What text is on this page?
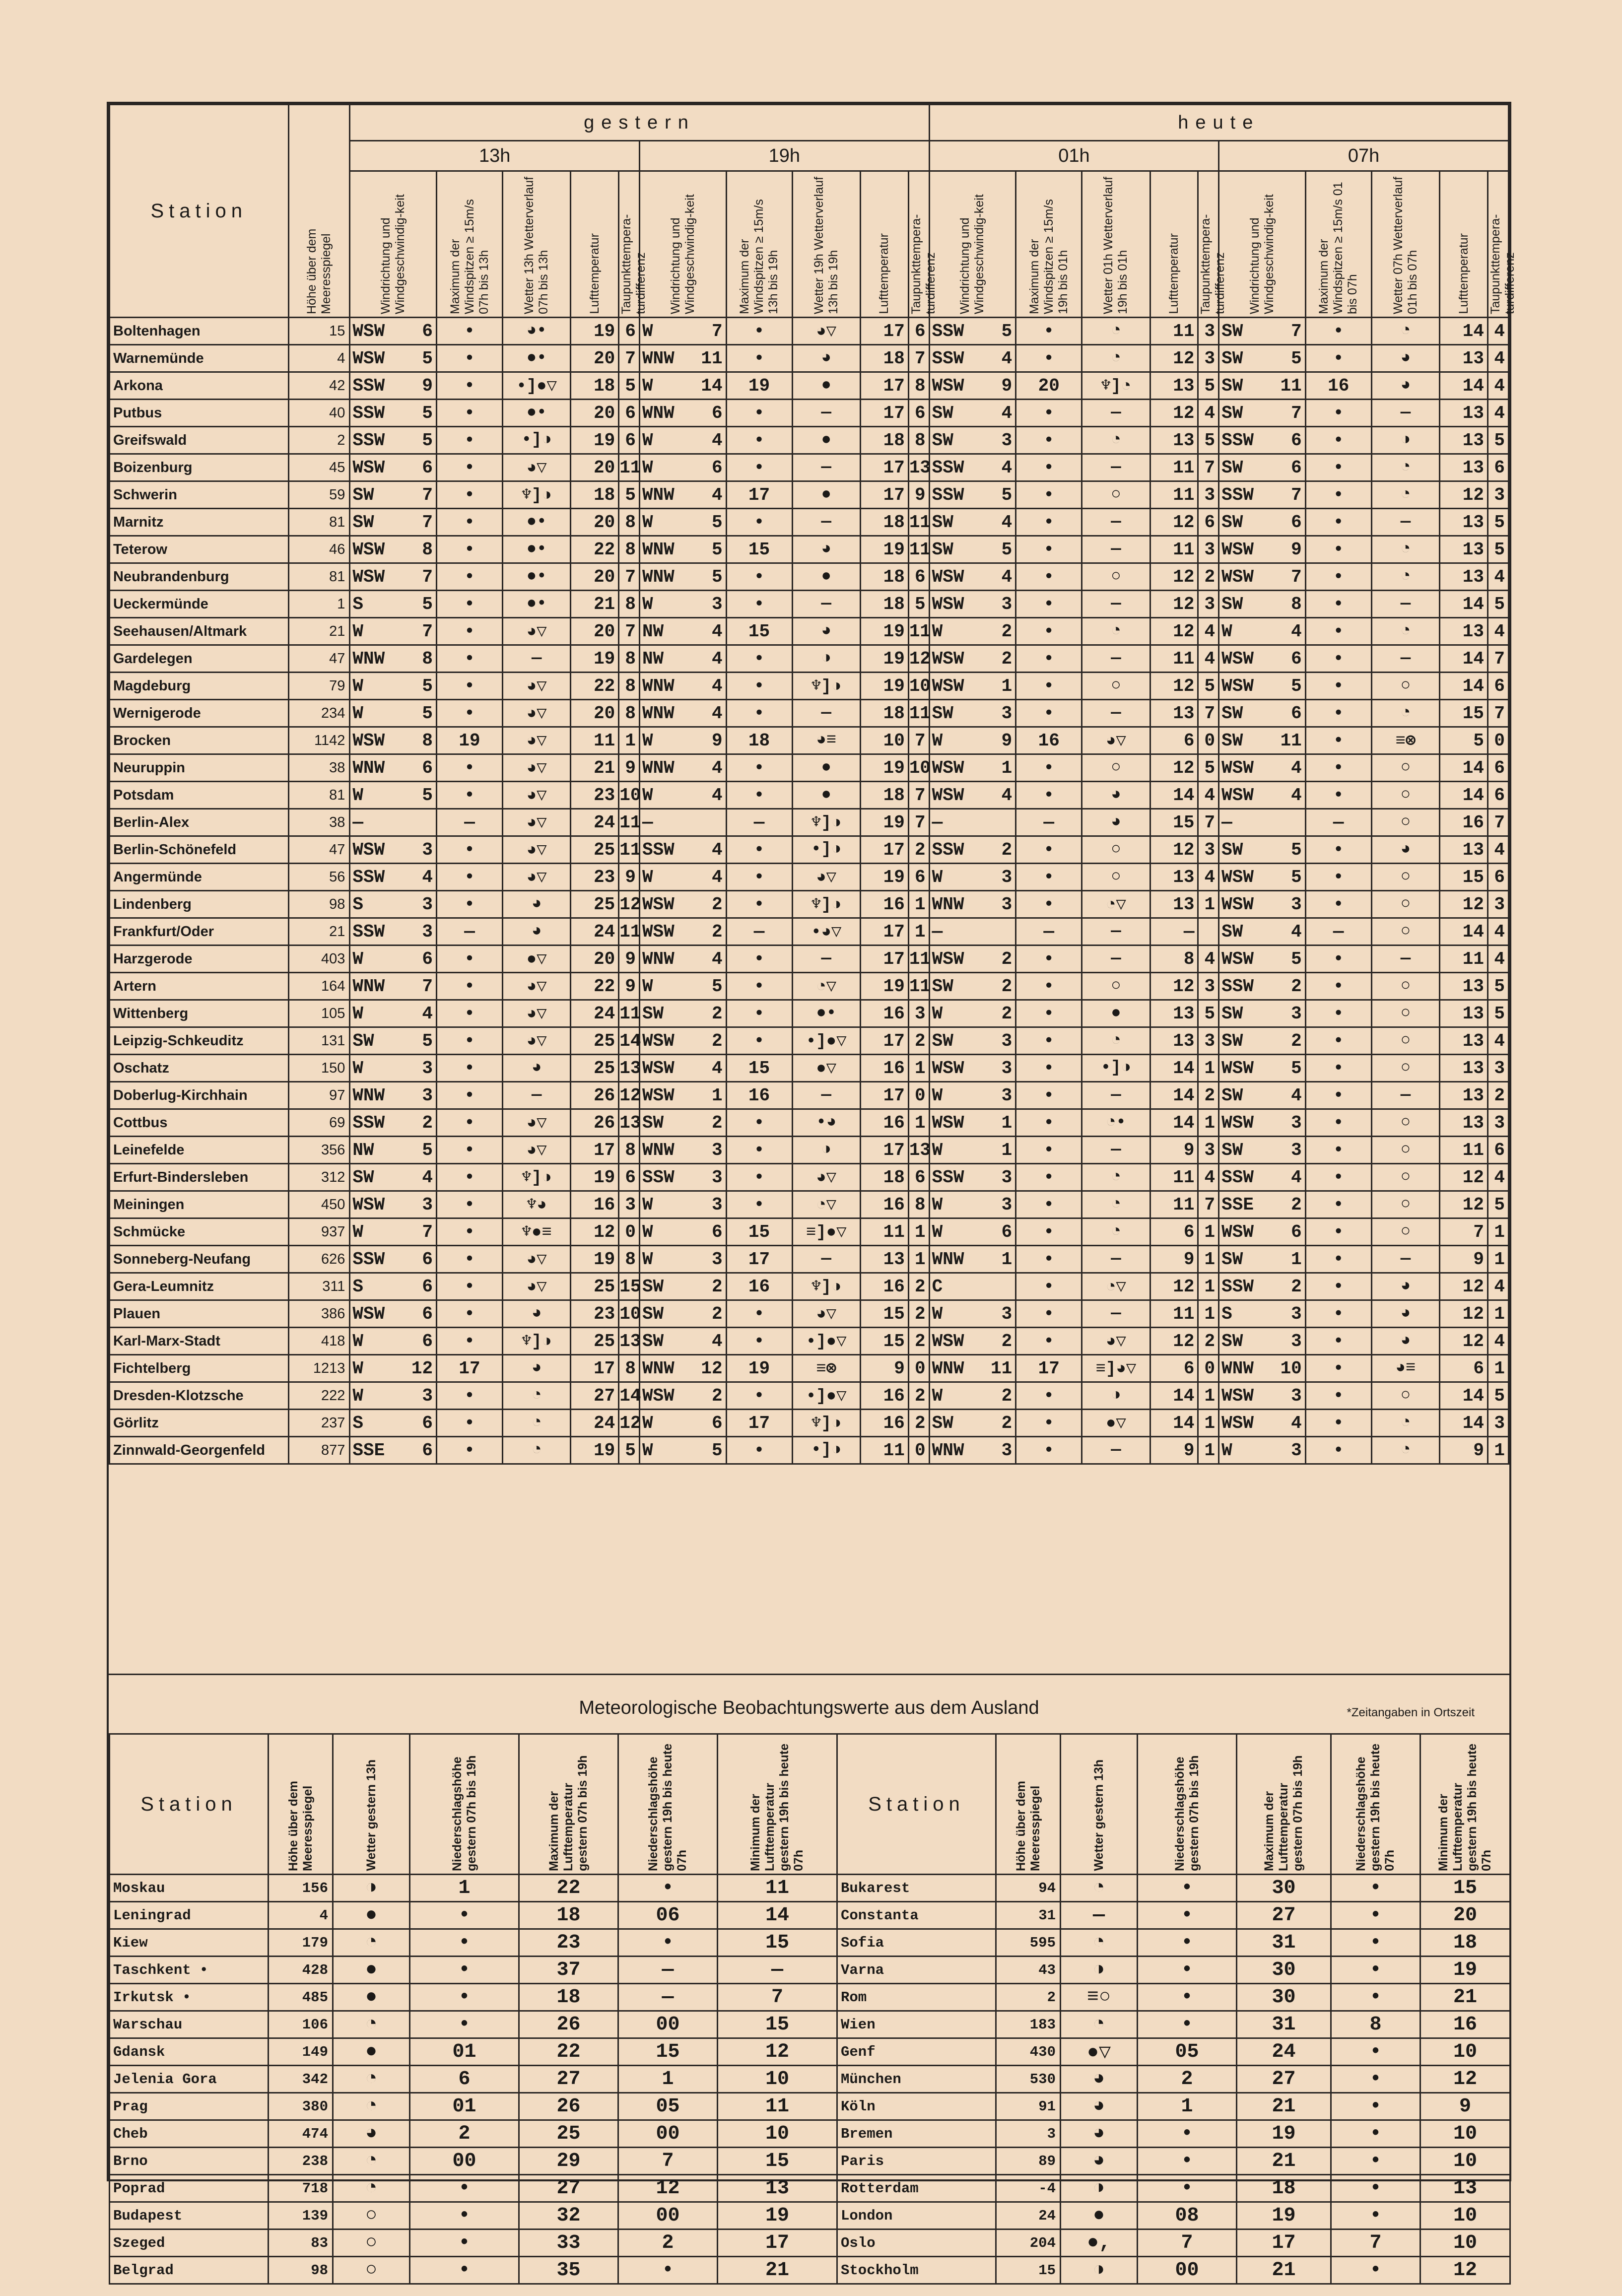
Station	Höhe über dem Meeresspiegel	gestern												heute											
		13h						19h						01h						07h					
		Windrichtung und Windgeschwindig-keit		Maximum der Windspitzen ≥ 15m/s 07h bis 13h	Wetter 13h Wetterverlauf 07h bis 13h	Lufttemperatur	Taupunkttempera-turdifferenz	Windrichtung und Windgeschwindig-keit		Maximum der Windspitzen ≥ 15m/s 13h bis 19h	Wetter 19h Wetterverlauf 13h bis 19h	Lufttemperatur	Taupunkttempera-turdifferenz	Windrichtung und Windgeschwindig-keit		Maximum der Windspitzen ≥ 15m/s 19h bis 01h	Wetter 01h Wetterverlauf 19h bis 01h	Lufttemperatur	Taupunkttempera-turdifferenz	Windrichtung und Windgeschwindig-keit		Maximum der Windspitzen ≥ 15m/s 01 bis 07h	Wetter 07h Wetterverlauf 01h bis 07h	Lufttemperatur	Taupunkttempera-turdifferenz
Boltenhagen	15	WSW	6	•	◕•	19	6	W	7	•	◕▽	17	6	SSW	5	•	◔	11	3	SW	7	•	◔	14	4
Warnemünde	4	WSW	5	•	●•	20	7	WNW	11	•	◕	18	7	SSW	4	•	◔	12	3	SW	5	•	◕	13	4
Arkona	42	SSW	9	•	•]●▽	18	5	W	14	19	●	17	8	WSW	9	20	♆]◔	13	5	SW	11	16	◕	14	4
Putbus	40	SSW	5	•	●•	20	6	WNW	6	•	—	17	6	SW	4	•	—	12	4	SW	7	•	—	13	4
Greifswald	2	SSW	5	•	•]◑	19	6	W	4	•	●	18	8	SW	3	•	◔	13	5	SSW	6	•	◑	13	5
Boizenburg	45	WSW	6	•	◕▽	20	11	W	6	•	—	17	13	SSW	4	•	—	11	7	SW	6	•	◔	13	6
Schwerin	59	SW	7	•	♆]◑	18	5	WNW	4	17	●	17	9	SSW	5	•	○	11	3	SSW	7	•	◔	12	3
Marnitz	81	SW	7	•	●•	20	8	W	5	•	—	18	11	SW	4	•	—	12	6	SW	6	•	—	13	5
Teterow	46	WSW	8	•	●•	22	8	WNW	5	15	◕	19	11	SW	5	•	—	11	3	WSW	9	•	◔	13	5
Neubrandenburg	81	WSW	7	•	●•	20	7	WNW	5	•	●	18	6	WSW	4	•	○	12	2	WSW	7	•	◔	13	4
Ueckermünde	1	S	5	•	●•	21	8	W	3	•	—	18	5	WSW	3	•	—	12	3	SW	8	•	—	14	5
Seehausen/Altmark	21	W	7	•	◕▽	20	7	NW	4	15	◕	19	11	W	2	•	◔	12	4	W	4	•	◔	13	4
Gardelegen	47	WNW	8	•	—	19	8	NW	4	•	◑	19	12	WSW	2	•	—	11	4	WSW	6	•	—	14	7
Magdeburg	79	W	5	•	◕▽	22	8	WNW	4	•	♆]◑	19	10	WSW	1	•	○	12	5	WSW	5	•	○	14	6
Wernigerode	234	W	5	•	◕▽	20	8	WNW	4	•	—	18	11	SW	3	•	—	13	7	SW	6	•	◔	15	7
Brocken	1142	WSW	8	19	◕▽	11	1	W	9	18	◕≡	10	7	W	9	16	◕▽	6	0	SW	11	•	≡⊗	5	0
Neuruppin	38	WNW	6	•	◕▽	21	9	WNW	4	•	●	19	10	WSW	1	•	○	12	5	WSW	4	•	○	14	6
Potsdam	81	W	5	•	◕▽	23	10	W	4	•	●	18	7	WSW	4	•	◕	14	4	WSW	4	•	○	14	6
Berlin-Alex	38	—		—	◕▽	24	11	—		—	♆]◑	19	7	—		—	◕	15	7	—		—	○	16	7
Berlin-Schönefeld	47	WSW	3	•	◕▽	25	11	SSW	4	•	•]◑	17	2	SSW	2	•	○	12	3	SW	5	•	◕	13	4
Angermünde	56	SSW	4	•	◕▽	23	9	W	4	•	◕▽	19	6	W	3	•	○	13	4	WSW	5	•	○	15	6
Lindenberg	98	S	3	•	◕	25	12	WSW	2	•	♆]◑	16	1	WNW	3	•	◔▽	13	1	WSW	3	•	○	12	3
Frankfurt/Oder	21	SSW	3	—	◕	24	11	WSW	2	—	•◕▽	17	1	—		—	—	—		SW	4	—	○	14	4
Harzgerode	403	W	6	•	●▽	20	9	WNW	4	•	—	17	11	WSW	2	•	—	8	4	WSW	5	•	—	11	4
Artern	164	WNW	7	•	◕▽	22	9	W	5	•	◔▽	19	11	SW	2	•	○	12	3	SSW	2	•	○	13	5
Wittenberg	105	W	4	•	◕▽	24	11	SW	2	•	●•	16	3	W	2	•	●	13	5	SW	3	•	○	13	5
Leipzig-Schkeuditz	131	SW	5	•	◕▽	25	14	WSW	2	•	•]●▽	17	2	SW	3	•	◔	13	3	SW	2	•	○	13	4
Oschatz	150	W	3	•	◕	25	13	WSW	4	15	●▽	16	1	WSW	3	•	•]◑	14	1	WSW	5	•	○	13	3
Doberlug-Kirchhain	97	WNW	3	•	—	26	12	WSW	1	16	—	17	0	W	3	•	—	14	2	SW	4	•	—	13	2
Cottbus	69	SSW	2	•	◕▽	26	13	SW	2	•	•◕	16	1	WSW	1	•	◔•	14	1	WSW	3	•	○	13	3
Leinefelde	356	NW	5	•	◕▽	17	8	WNW	3	•	◑	17	13	W	1	•	—	9	3	SW	3	•	○	11	6
Erfurt-Bindersleben	312	SW	4	•	♆]◑	19	6	SSW	3	•	◕▽	18	6	SSW	3	•	◔	11	4	SSW	4	•	○	12	4
Meiningen	450	WSW	3	•	♆◕	16	3	W	3	•	◔▽	16	8	W	3	•	◔	11	7	SSE	2	•	○	12	5
Schmücke	937	W	7	•	♆●≡	12	0	W	6	15	≡]●▽	11	1	W	6	•	◔	6	1	WSW	6	•	○	7	1
Sonneberg-Neufang	626	SSW	6	•	◕▽	19	8	W	3	17	—	13	1	WNW	1	•	—	9	1	SW	1	•	—	9	1
Gera-Leumnitz	311	S	6	•	◕▽	25	15	SW	2	16	♆]◑	16	2	C		•	◔▽	12	1	SSW	2	•	◕	12	4
Plauen	386	WSW	6	•	◕	23	10	SW	2	•	◕▽	15	2	W	3	•	—	11	1	S	3	•	◕	12	1
Karl-Marx-Stadt	418	W	6	•	♆]◑	25	13	SW	4	•	•]●▽	15	2	WSW	2	•	◕▽	12	2	SW	3	•	◕	12	4
Fichtelberg	1213	W	12	17	◕	17	8	WNW	12	19	≡⊗	9	0	WNW	11	17	≡]◕▽	6	0	WNW	10	•	◕≡	6	1
Dresden-Klotzsche	222	W	3	•	◔	27	14	WSW	2	•	•]●▽	16	2	W	2	•	◑	14	1	WSW	3	•	○	14	5
Görlitz	237	S	6	•	◔	24	12	W	6	17	♆]◑	16	2	SW	2	•	●▽	14	1	WSW	4	•	◔	14	3
Zinnwald-Georgenfeld	877	SSE	6	•	◔	19	5	W	5	•	•]◑	11	0	WNW	3	•	—	9	1	W	3	•	◔	9	1

Meteorologische Beobachtungswerte aus dem Ausland	*Zeitangaben in Ortszeit
Station	Höhe über dem Meeresspiegel	Wetter gestern 13h	Niederschlagshöhe gestern 07h bis 19h	Maximum der Lufttemperatur gestern 07h bis 19h	Niederschlagshöhe gestern 19h bis heute 07h	Minimum der Lufttemperatur gestern 19h bis heute 07h
Moskau	156	◑	1	22	•	11
Leningrad	4	●	•	18	06	14
Kiew	179	◔	•	23	•	15
Taschkent •	428	●	•	37	—	—
Irkutsk •	485	●	•	18	—	7
Warschau	106	◔	•	26	00	15
Gdansk	149	●	01	22	15	12
Jelenia Gora	342	◔	6	27	1	10
Prag	380	◔	01	26	05	11
Cheb	474	◕	2	25	00	10
Brno	238	◔	00	29	7	15
Poprad	718	◔	•	27	12	13
Budapest	139	○	•	32	00	19
Szeged	83	○	•	33	2	17
Belgrad	98	○	•	35	•	21
Station	Höhe über dem Meeresspiegel	Wetter gestern 13h	Niederschlagshöhe gestern 07h bis 19h	Maximum der Lufttemperatur gestern 07h bis 19h	Niederschlagshöhe gestern 19h bis heute 07h	Minimum der Lufttemperatur gestern 19h bis heute 07h
Bukarest	94	◔	•	30	•	15
Constanta	31	—	•	27	•	20
Sofia	595	◔	•	31	•	18
Varna	43	◑	•	30	•	19
Rom	2	≡○	•	30	•	21
Wien	183	◔	•	31	8	16
Genf	430	●▽	05	24	•	10
München	530	◕	2	27	•	12
Köln	91	◕	1	21	•	9
Bremen	3	◕	•	19	•	10
Paris	89	◕	•	21	•	10
Rotterdam	-4	◑	•	18	•	13
London	24	●	08	19	•	10
Oslo	204	●,	7	17	7	10
Stockholm	15	◑	00	21	•	12
